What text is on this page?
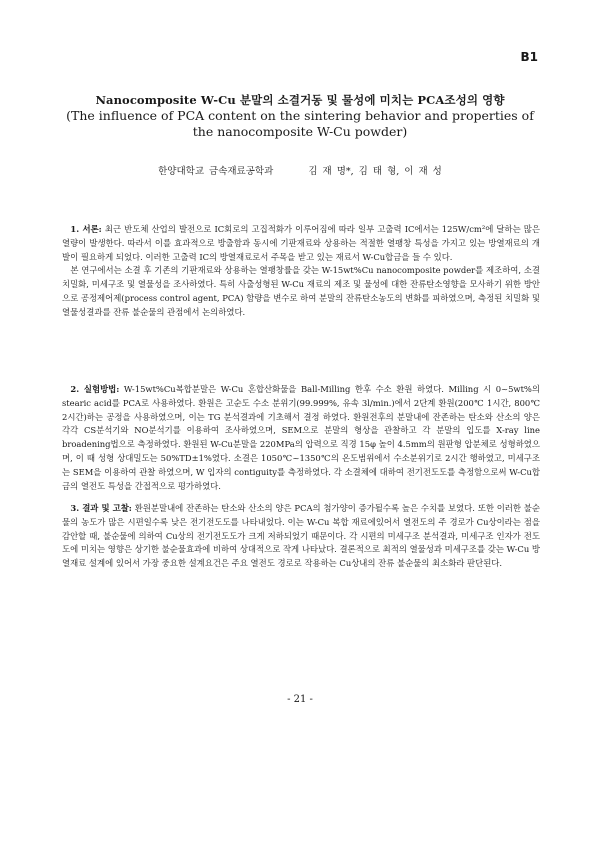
B1
Nanocomposite W-Cu 분말의 소결거동 및 물성에 미치는 PCA조성의 영향
(The influence of PCA content on the sintering behavior and properties of
the nanocomposite W-Cu powder)
한양대학교 금속재료공학과	김 재 명*, 김 태 형, 이 재 성

 1. 서론: 최근 반도체 산업의 발전으로 IC회로의 고집적화가 이루어짐에 따라 일부 고출력 IC에서는 125W/cm²에 달하는 많은 열량이 발생한다. 따라서 이를 효과적으로 방출함과 동시에 기판재료와 상용하는 적절한 열팽창 특성을 가지고 있는 방열재료의 개발이 필요하게 되었다. 이러한 고출력 IC의 방열재료로서 주목을 받고 있는 재료서 W-Cu합금을 들 수 있다.

 본 연구에서는 소결 후 기존의 기판재료와 상용하는 열팽창률을 갖는 W-15wt%Cu nanocomposite powder를 제조하여, 소결치밀화, 미세구조 및 열물성을 조사하였다. 특히 사출성형된 W-Cu 재료의 제조 및 물성에 대한 잔류탄소영향을 모사하기 위한 방안으로 공정제어제(process control agent, PCA) 함량을 변수로 하여 분말의 잔류탄소농도의 변화를 피하였으며, 측정된 치밀화 및 열물성결과를 잔류 불순물의 관점에서 논의하였다.

 2. 실험방법: W-15wt%Cu복합분말은 W-Cu 혼합산화물을 Ball-Milling 한후 수소 환원 하였다. Milling 시 0~5wt%의 stearic acid를 PCA로 사용하였다. 환원은 고순도 수소 분위기(99.999%, 유속 3l/min.)에서 2단계 환원(200℃ 1시간, 800℃ 2시간)하는 공정을 사용하였으며, 이는 TG 분석결과에 기초해서 결정 하였다. 환원전후의 분말내에 잔존하는 탄소와 산소의 양은 각각 CS분석기와 NO분석기를 이용하여 조사하였으며, SEM으로 분말의 형상을 관찰하고 각 분말의 입도를 X-ray line broadening법으로 측정하였다. 환원된 W-Cu분말을 220MPa의 압력으로 직경 15φ 높이 4.5mm의 원판형 압분체로 성형하였으며, 이 때 성형 상대밀도는 50%TD±1%였다. 소결은 1050℃~1350℃의 온도범위에서 수소분위기로 2시간 행하였고, 미세구조는 SEM을 이용하여 관찰 하였으며, W 입자의 contiguity를 측정하였다. 각 소결체에 대하여 전기전도도를 측정함으로써 W-Cu합금의 열전도 특성을 간접적으로 평가하였다.

 3. 결과 및 고찰: 환원분말내에 잔존하는 탄소와 산소의 양은 PCA의 첨가양이 증가될수록 높은 수치를 보였다. 또한 이러한 불순물의 농도가 많은 시편일수록 낮은 전기전도도를 나타내었다. 이는 W-Cu 복합 재료에있어서 열전도의 주 경로가 Cu상이라는 점을 감안할 때, 불순물에 의하여 Cu상의 전기전도도가 크게 저하되었기 때문이다. 각 시편의 미세구조 분석결과, 미세구조 인자가 전도도에 미치는 영향은 상기한 불순물효과에 비하여 상대적으로 작게 나타났다. 결론적으로 최적의 열물성과 미세구조를 갖는 W-Cu 방열재료 설계에 있어서 가장 중요한 설계요건은 주요 열전도 경로로 작용하는 Cu상내의 잔류 불순물의 최소화라 판단된다.

- 21 -
